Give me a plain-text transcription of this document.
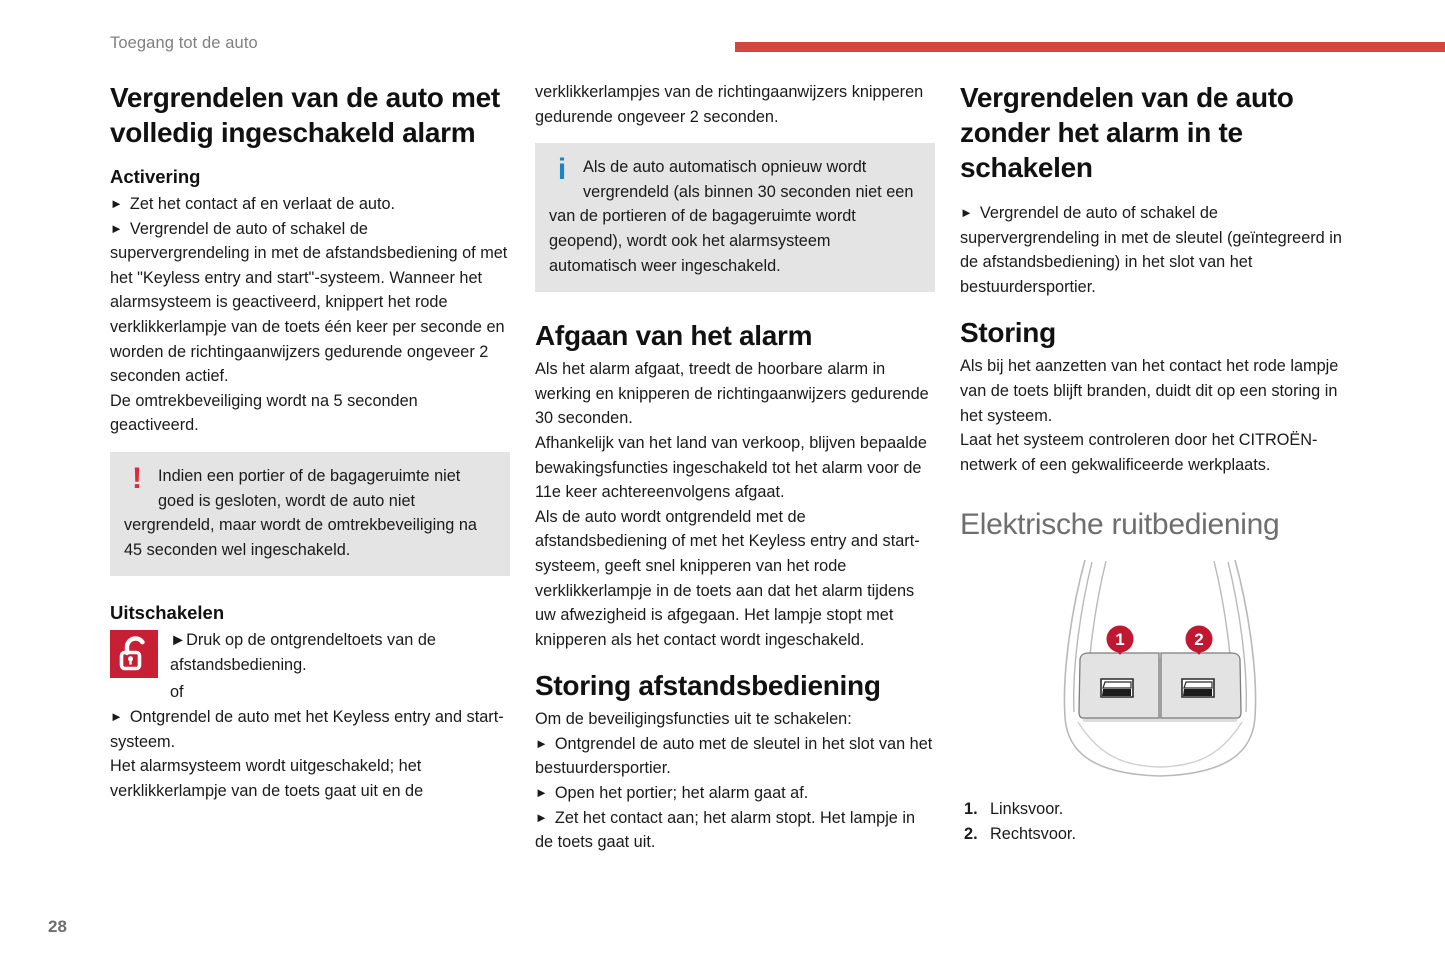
Toegang tot de auto
Vergrendelen van de auto met volledig ingeschakeld alarm
Activering

► Zet het contact af en verlaat de auto.

► Vergrendel de auto of schakel de supervergrendeling in met de afstandsbediening of met het "Keyless entry and start"-systeem. Wanneer het alarmsysteem is geactiveerd, knippert het rode verklikkerlampje van de toets één keer per seconde en worden de richtingaanwijzers gedurende ongeveer 2 seconden actief.

De omtrekbeveiliging wordt na 5 seconden geactiveerd.

! Indien een portier of de bagageruimte niet goed is gesloten, wordt de auto niet vergrendeld, maar wordt de omtrekbeveiliging na 45 seconden wel ingeschakeld.

Uitschakelen
►Druk op de ontgrendeltoets van de afstandsbediening.

of

► Ontgrendel de auto met het Keyless entry and start-systeem.

Het alarmsysteem wordt uitgeschakeld; het verklikkerlampje van de toets gaat uit en de

verklikkerlampjes van de richtingaanwijzers knipperen gedurende ongeveer 2 seconden.

i	Als de auto automatisch opnieuw wordt vergrendeld (als binnen 30 seconden niet een van de portieren of de bagageruimte wordt geopend), wordt ook het alarmsysteem automatisch weer ingeschakeld.

Afgaan van het alarm

Als het alarm afgaat, treedt de hoorbare alarm in werking en knipperen de richtingaanwijzers gedurende 30 seconden.

Afhankelijk van het land van verkoop, blijven bepaalde bewakingsfuncties ingeschakeld tot het alarm voor de 11e keer achtereenvolgens afgaat.

Als de auto wordt ontgrendeld met de afstandsbediening of met het Keyless entry and start-systeem, geeft snel knipperen van het rode verklikkerlampje in de toets aan dat het alarm tijdens uw afwezigheid is afgegaan. Het lampje stopt met knipperen als het contact wordt ingeschakeld.

Storing afstandsbediening

Om de beveiligingsfuncties uit te schakelen:

► Ontgrendel de auto met de sleutel in het slot van het bestuurdersportier.

► Open het portier; het alarm gaat af.

► Zet het contact aan; het alarm stopt. Het lampje in de toets gaat uit.

Vergrendelen van de auto zonder het alarm in te schakelen

► Vergrendel de auto of schakel de supervergrendeling in met de sleutel (geïntegreerd in de afstandsbediening) in het slot van het bestuurdersportier.

Storing

Als bij het aanzetten van het contact het rode lampje van de toets blijft branden, duidt dit op een storing in het systeem.

Laat het systeem controleren door het CITROËN-netwerk of een gekwalificeerde werkplaats.

Elektrische ruitbediening
1	2
Linksvoor.
Rechtsvoor.
28
